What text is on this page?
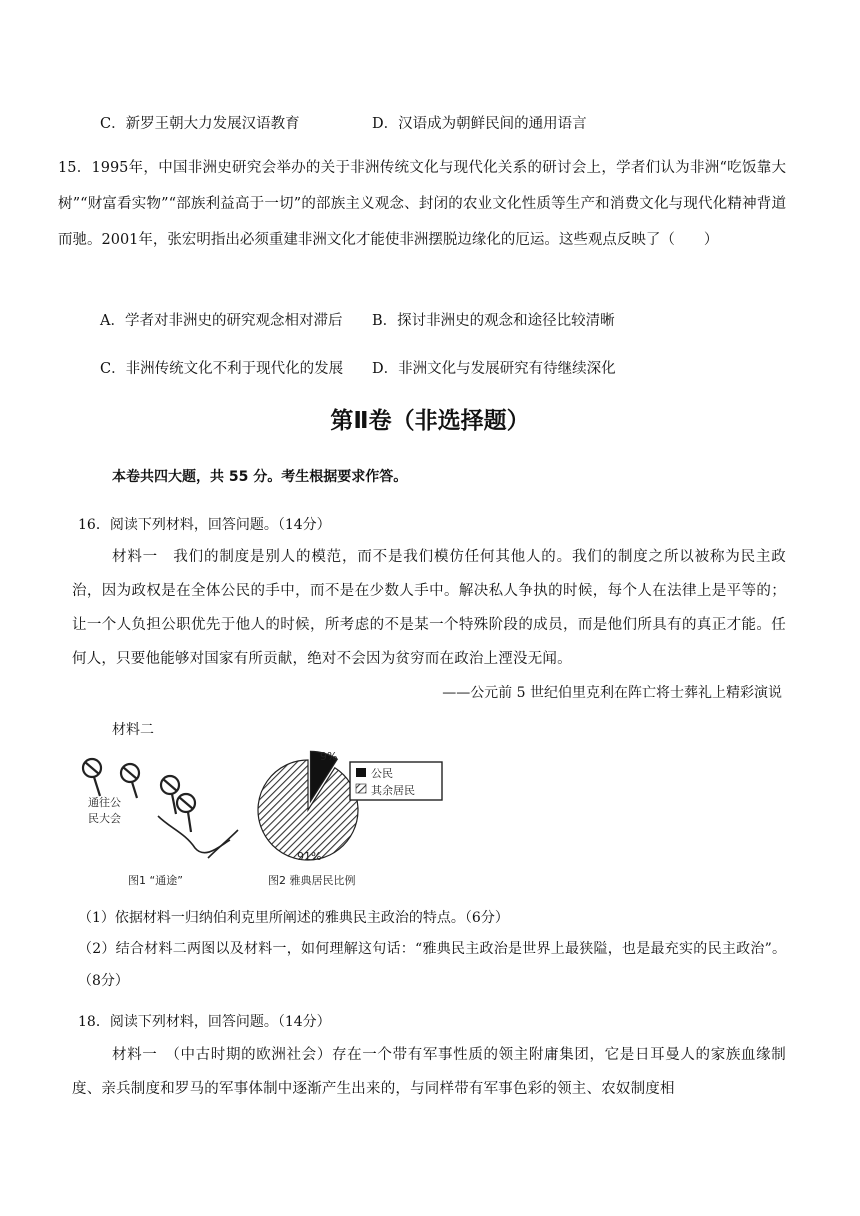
C．新罗王朝大力发展汉语教育	D．汉语成为朝鲜民间的通用语言
15．1995年，中国非洲史研究会举办的关于非洲传统文化与现代化关系的研讨会上，学者们认为非洲“吃饭靠大树”“财富看实物”“部族利益高于一切”的部族主义观念、封闭的农业文化性质等生产和消费文化与现代化精神背道而驰。2001年，张宏明指出必须重建非洲文化才能使非洲摆脱边缘化的厄运。这些观点反映了（　　）
A．学者对非洲史的研究观念相对滞后 B．探讨非洲史的观念和途径比较清晰
C．非洲传统文化不利于现代化的发展 D．非洲文化与发展研究有待继续深化
第Ⅱ卷（非选择题）
本卷共四大题，共 55 分。考生根据要求作答。
16．阅读下列材料，回答问题。（14分）
材料一　我们的制度是别人的模范，而不是我们模仿任何其他人的。我们的制度之所以被称为民主政治，因为政权是在全体公民的手中，而不是在少数人手中。解决私人争执的时候，每个人在法律上是平等的；让一个人负担公职优先于他人的时候，所考虑的不是某一个特殊阶段的成员，而是他们所具有的真正才能。任何人，只要他能够对国家有所贡献，绝对不会因为贫穷而在政治上湮没无闻。
——公元前 5 世纪伯里克利在阵亡将士葬礼上精彩演说
材料二
通往公
民大会
图1 “通途”
9%
91%
公民
其余居民
图2 雅典居民比例
（1）依据材料一归纳伯利克里所阐述的雅典民主政治的特点。（6分）
（2）结合材料二两图以及材料一，如何理解这句话：“雅典民主政治是世界上最狭隘，也是最充实的民主政治”。（8分）
18．阅读下列材料，回答问题。（14分）
材料一　（中古时期的欧洲社会）存在一个带有军事性质的领主附庸集团，它是日耳曼人的家族血缘制度、亲兵制度和罗马的军事体制中逐渐产生出来的，与同样带有军事色彩的领主、农奴制度相
